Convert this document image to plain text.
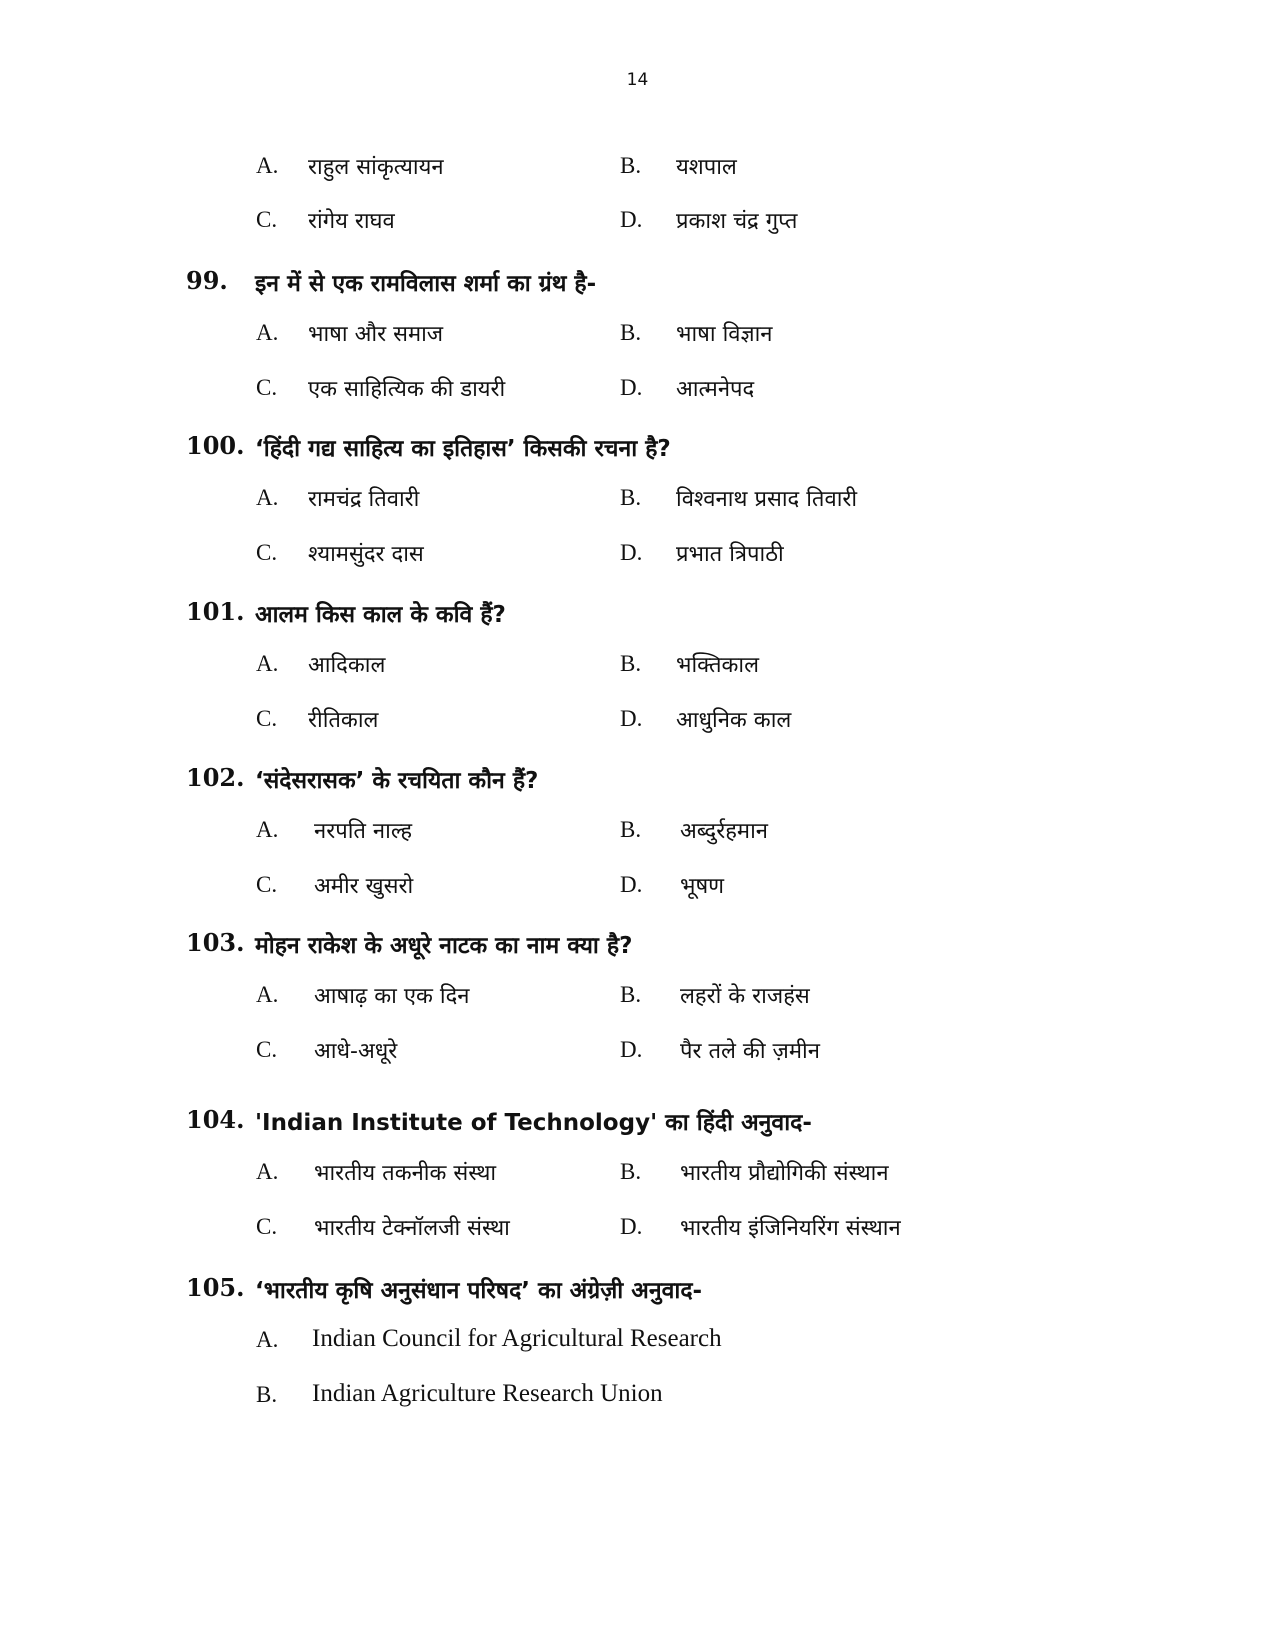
14
A. राहुल सांकृत्यायन	B. यशपाल
C. रांगेय राघव	D. प्रकाश चंद्र गुप्त
99. इन में से एक रामविलास शर्मा का ग्रंथ है-
A. भाषा और समाज	B. भाषा विज्ञान
C. एक साहित्यिक की डायरी	D. आत्मनेपद
100. ‘हिंदी गद्य साहित्य का इतिहास’ किसकी रचना है?
A. रामचंद्र तिवारी	B. विश्वनाथ प्रसाद तिवारी
C. श्यामसुंदर दास	D. प्रभात त्रिपाठी
101. आलम किस काल के कवि हैं?
A. आदिकाल	B. भक्तिकाल
C. रीतिकाल	D. आधुनिक काल
102. ‘संदेसरासक’ के रचयिता कौन हैं?
A. नरपति नाल्ह	B. अब्दुर्रहमान
C. अमीर खुसरो	D. भूषण
103. मोहन राकेश के अधूरे नाटक का नाम क्या है?
A. आषाढ़ का एक दिन	B. लहरों के राजहंस
C. आधे-अधूरे	D. पैर तले की ज़मीन
104. 'Indian Institute of Technology' का हिंदी अनुवाद-
A. भारतीय तकनीक संस्था	B. भारतीय प्रौद्योगिकी संस्थान
C. भारतीय टेक्नॉलजी संस्था	D. भारतीय इंजिनियरिंग संस्थान
105. ‘भारतीय कृषि अनुसंधान परिषद’ का अंग्रेज़ी अनुवाद-
A. Indian Council for Agricultural Research
B. Indian Agriculture Research Union
